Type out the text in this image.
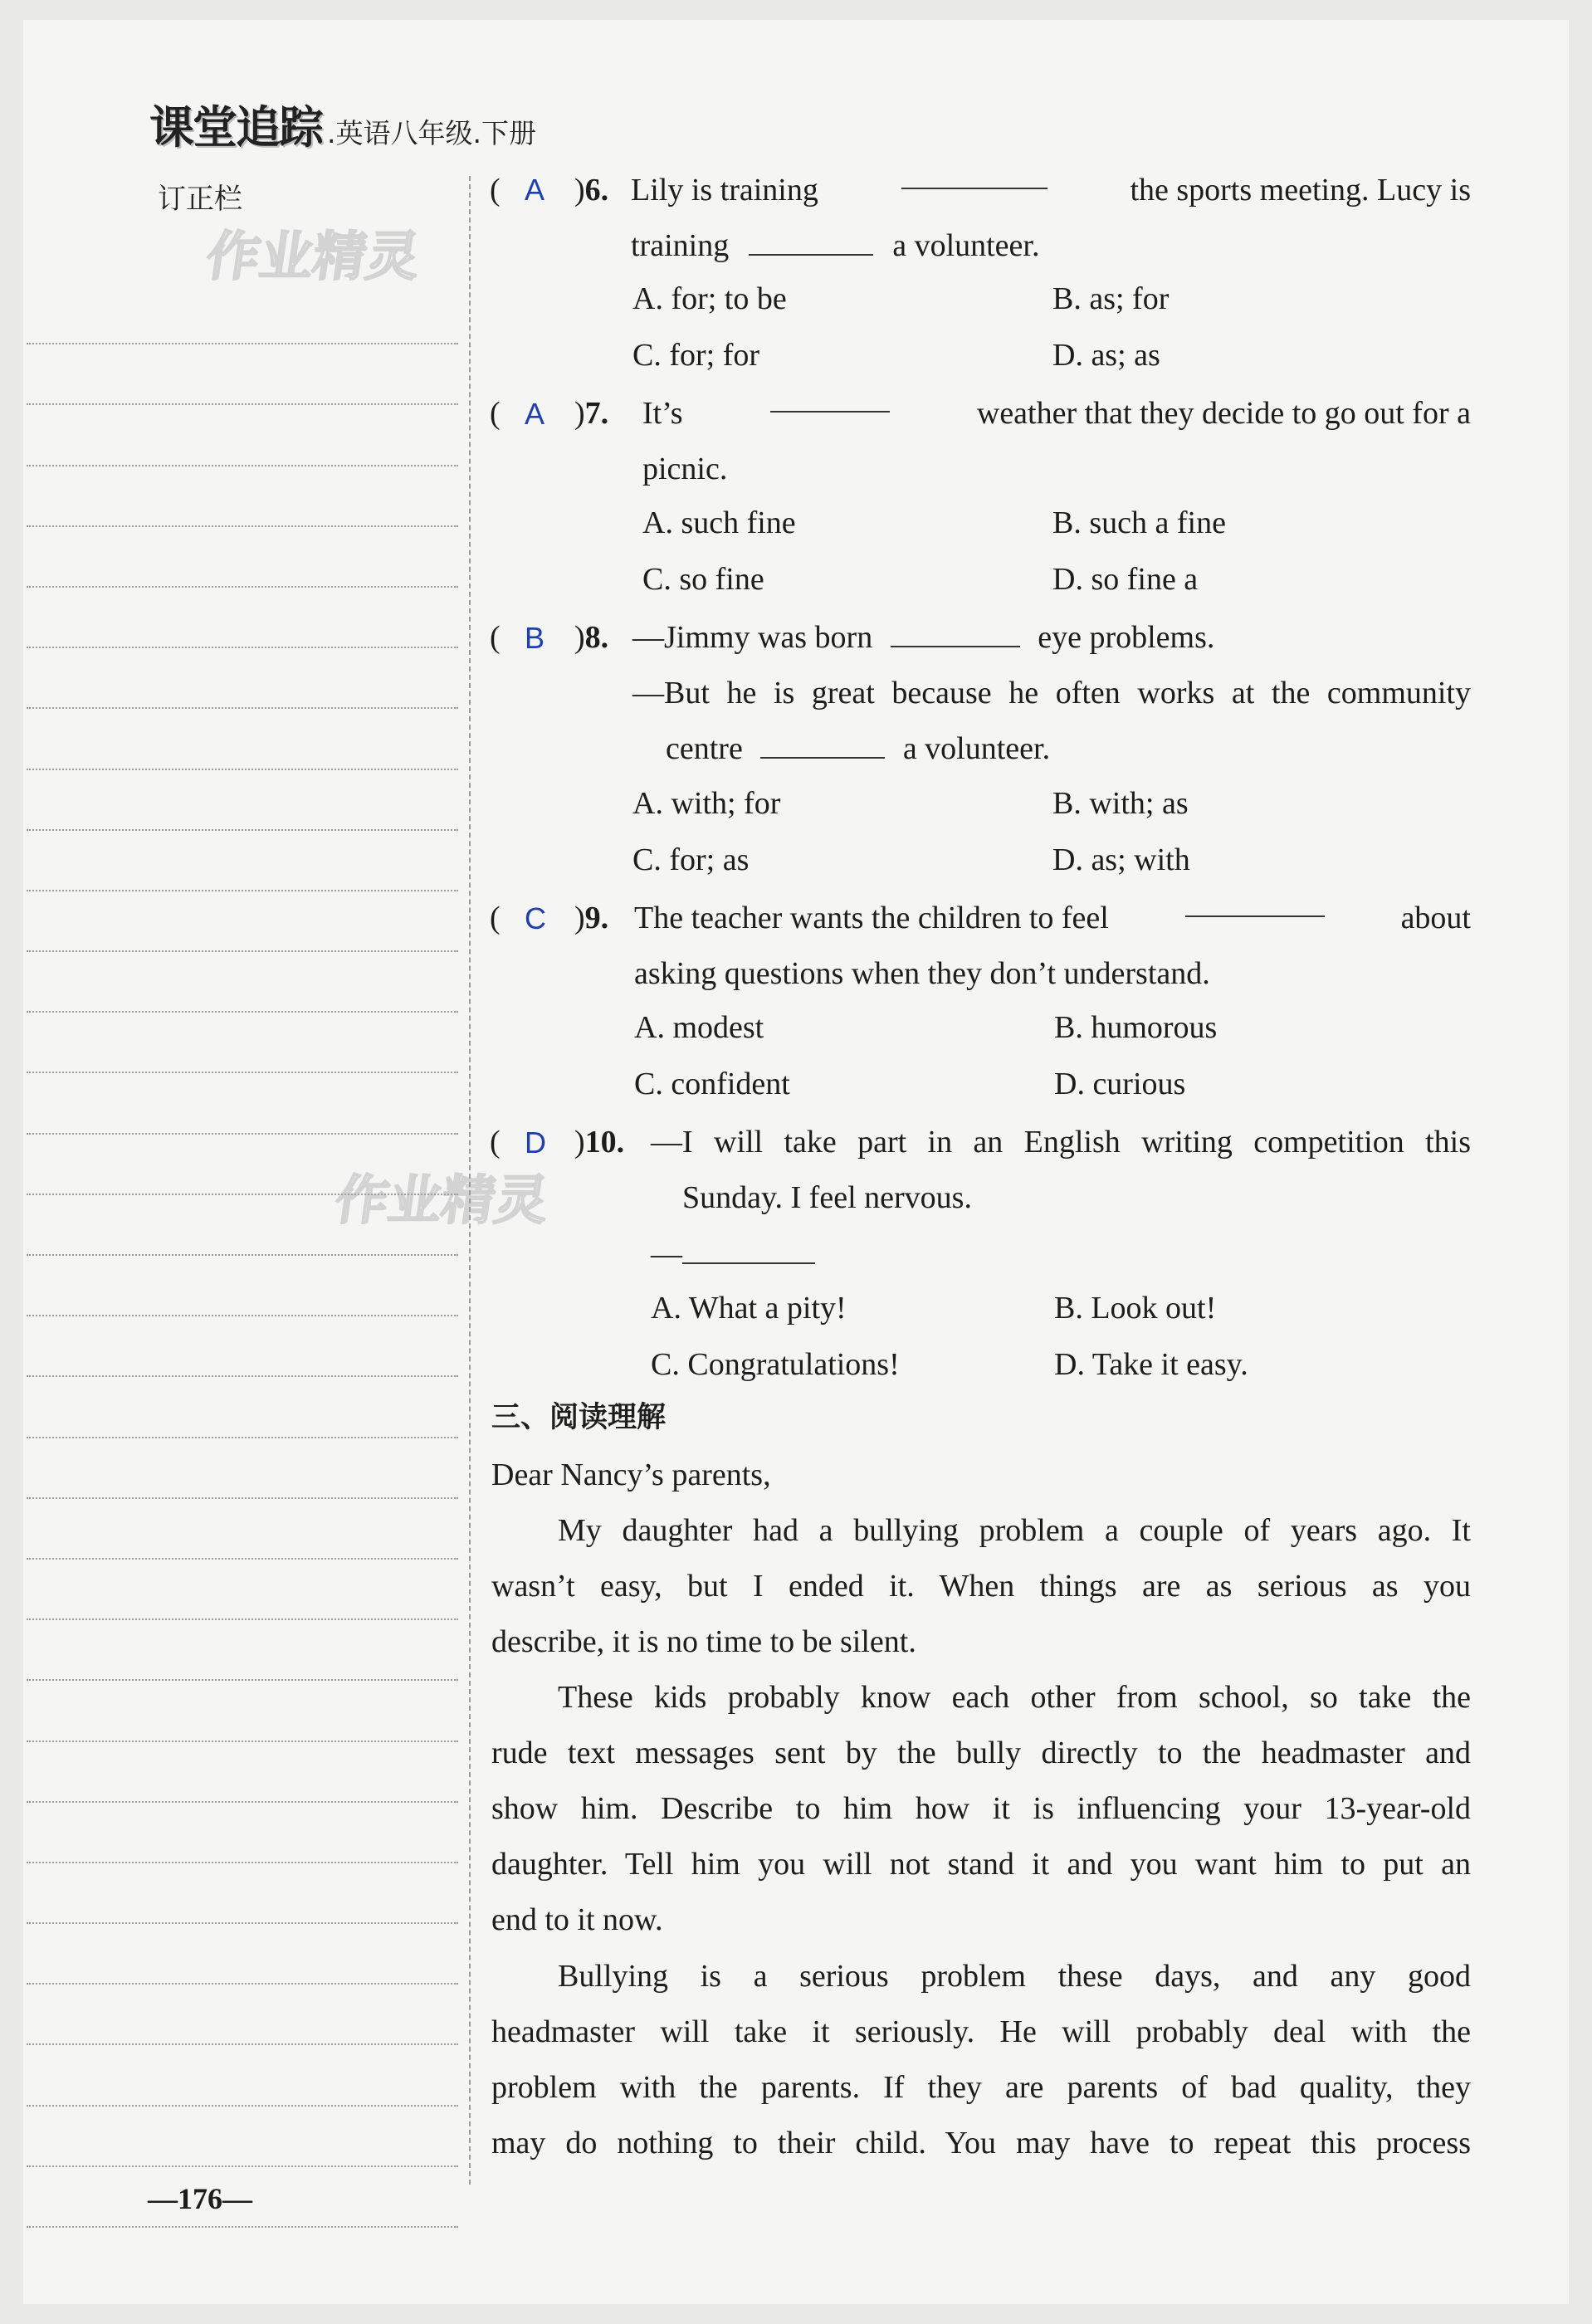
课堂追踪 .英语八年级.下册
订正栏
作业精灵
作业精灵
( A )6. Lily is training	the sports meeting. Lucy is
training	a volunteer.
A. for; to be	B. as; for
C. for; for	D. as; as
( A )7. It’s	weather that they decide to go out for a
picnic.
A. such fine	B. such a fine
C. so fine	D. so fine a
( B )8. —Jimmy was born	eye problems.
—But he is great because he often works at the community
centre	a volunteer.
A. with; for	B. with; as
C. for; as	D. as; with
( C )9. The teacher wants the children to feel	about
asking questions when they don’t understand.
A. modest	B. humorous
C. confident	D. curious
( D )10. —I will take part in an English writing competition this
Sunday. I feel nervous.
—
A. What a pity!	B. Look out!
C. Congratulations!	D. Take it easy.
三、阅读理解
Dear Nancy’s parents,
My daughter had a bullying problem a couple of years ago. It
wasn’t easy, but I ended it. When things are as serious as you
describe, it is no time to be silent.
These kids probably know each other from school, so take the
rude text messages sent by the bully directly to the headmaster and
show him. Describe to him how it is influencing your 13-year-old
daughter. Tell him you will not stand it and you want him to put an
end to it now.
Bullying is a serious problem these days, and any good
headmaster will take it seriously. He will probably deal with the
problem with the parents. If they are parents of bad quality, they
may do nothing to their child. You may have to repeat this process
—176—
